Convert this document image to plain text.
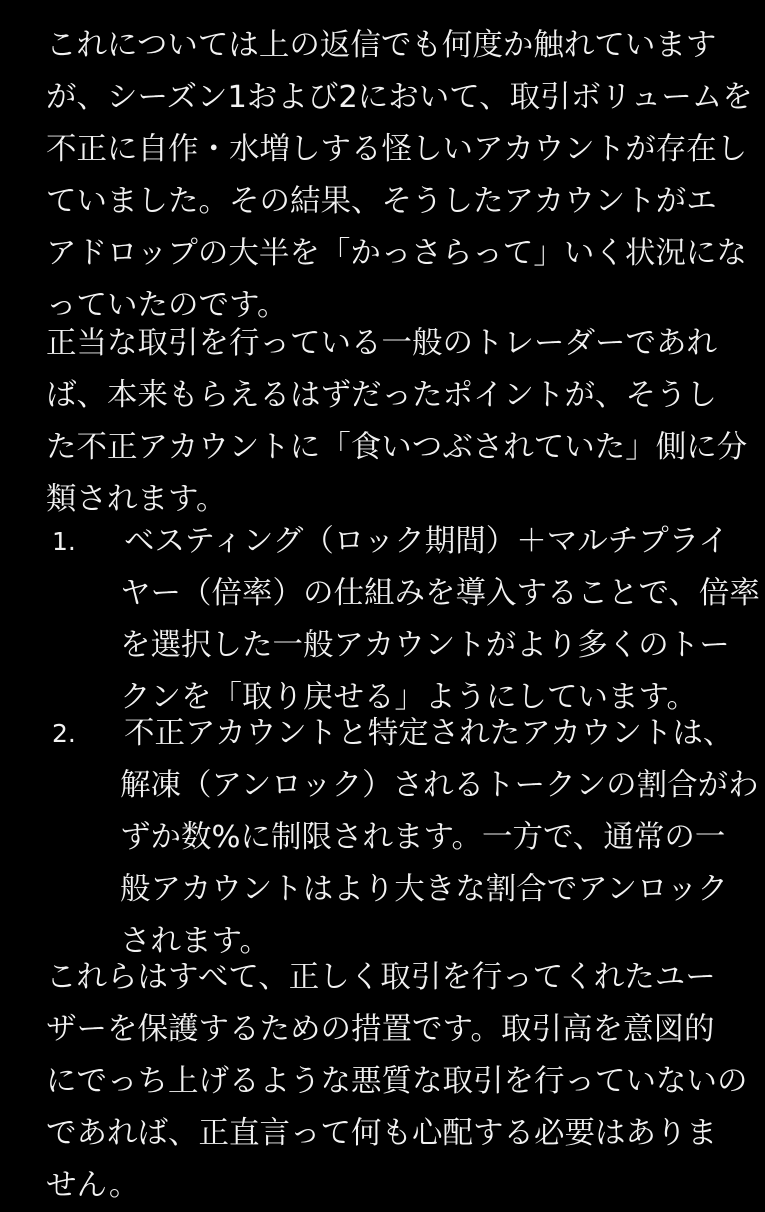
これについては上の返信でも何度か触れています
が、シーズン1および2において、取引ボリュームを
不正に自作・水増しする怪しいアカウントが存在し
ていました。その結果、そうしたアカウントがエ
アドロップの大半を「かっさらって」いく状況にな
っていたのです。
正当な取引を行っている一般のトレーダーであれ
ば、本来もらえるはずだったポイントが、そうし
た不正アカウントに「食いつぶされていた」側に分
類されます。
1. ベスティング（ロック期間）＋マルチプライ
ヤー（倍率）の仕組みを導入することで、倍率
を選択した一般アカウントがより多くのトー
クンを「取り戻せる」ようにしています。
2. 不正アカウントと特定されたアカウントは、
解凍（アンロック）されるトークンの割合がわ
ずか数%に制限されます。一方で、通常の一
般アカウントはより大きな割合でアンロック
されます。
これらはすべて、正しく取引を行ってくれたユー
ザーを保護するための措置です。取引高を意図的
にでっち上げるような悪質な取引を行っていないの
であれば、正直言って何も心配する必要はありま
せん。
